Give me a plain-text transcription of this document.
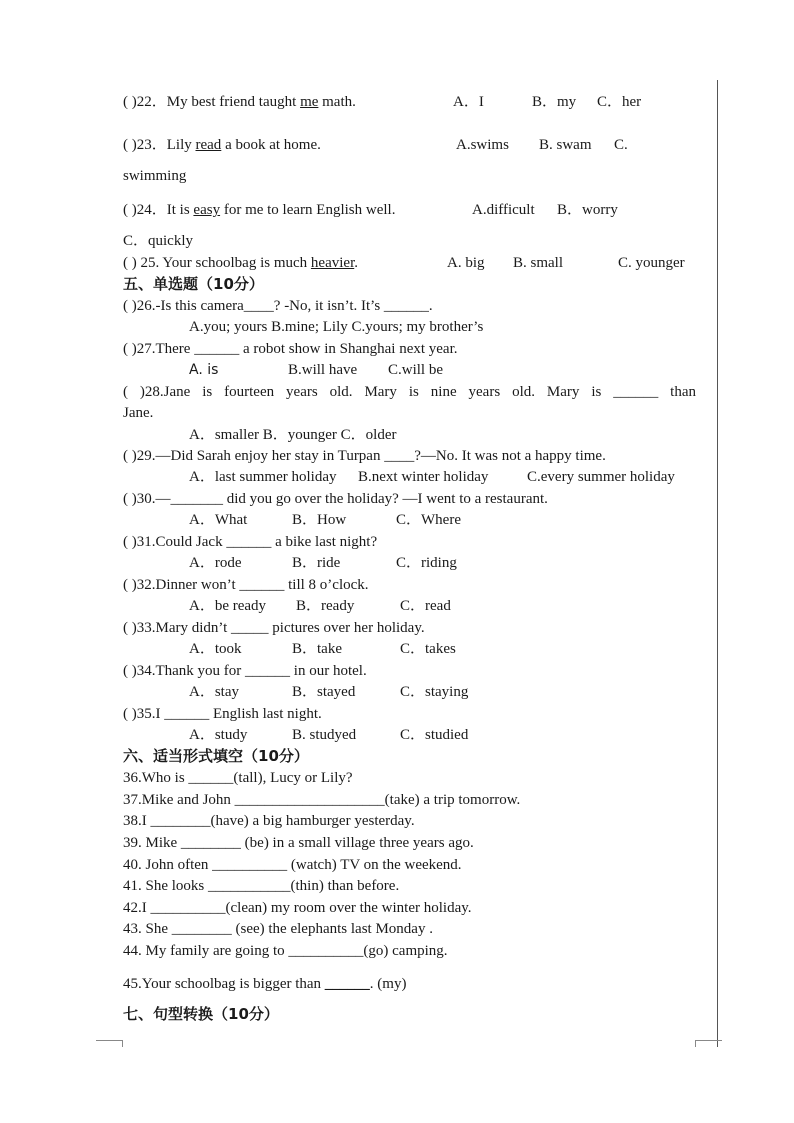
( )22．My best friend taught me math.	A．I	B．my C．her
( )23．Lily read a book at home.	A.swims B. swam C.
swimming
( )24．It is easy for me to learn English well.	A.difficult B．worry
C．quickly
( ) 25. Your schoolbag is much heavier.	A. big B. small	C. younger
五、单选题（10分）
( )26.-Is this camera____? -No, it isn’t. It’s ______.
A.you; yours B.mine; Lily C.yours; my brother’s
( )27.There ______ a robot show in Shanghai next year.
A. is	B.will have C.will be
( )28.Jane is fourteen years old. Mary is nine years old. Mary is ______ than
Jane.
A．smaller B．younger C．older
( )29.—Did Sarah enjoy her stay in Turpan ____?—No. It was not a happy time.
A．last summer holiday B.next winter holiday	C.every summer holiday
( )30.—_______ did you go over the holiday? —I went to a restaurant.
A．What	B．How	C．Where
( )31.Could Jack ______ a bike last night?
A．rode	B．ride	C．riding
( )32.Dinner won’t ______ till 8 o’clock.
A．be ready B．ready	C．read
( )33.Mary didn’t _____ pictures over her holiday.
A．took	B．take	C．takes
( )34.Thank you for ______ in our hotel.
A．stay	B．stayed	C．staying
( )35.I ______ English last night.
A．study	B. studyed	C．studied
六、适当形式填空（10分）
36.Who is ______(tall), Lucy or Lily?
37.Mike and John ____________________(take) a trip tomorrow.
38.I ________(have) a big hamburger yesterday.
39. Mike ________ (be) in a small village three years ago.
40. John often __________ (watch) TV on the weekend.
41. She looks ___________(thin) than before.
42.I __________(clean) my room over the winter holiday.
43. She ________ (see) the elephants last Monday .
44. My family are going to __________(go) camping.
45.Your schoolbag is bigger than ______. (my)
七、句型转换（10分）
